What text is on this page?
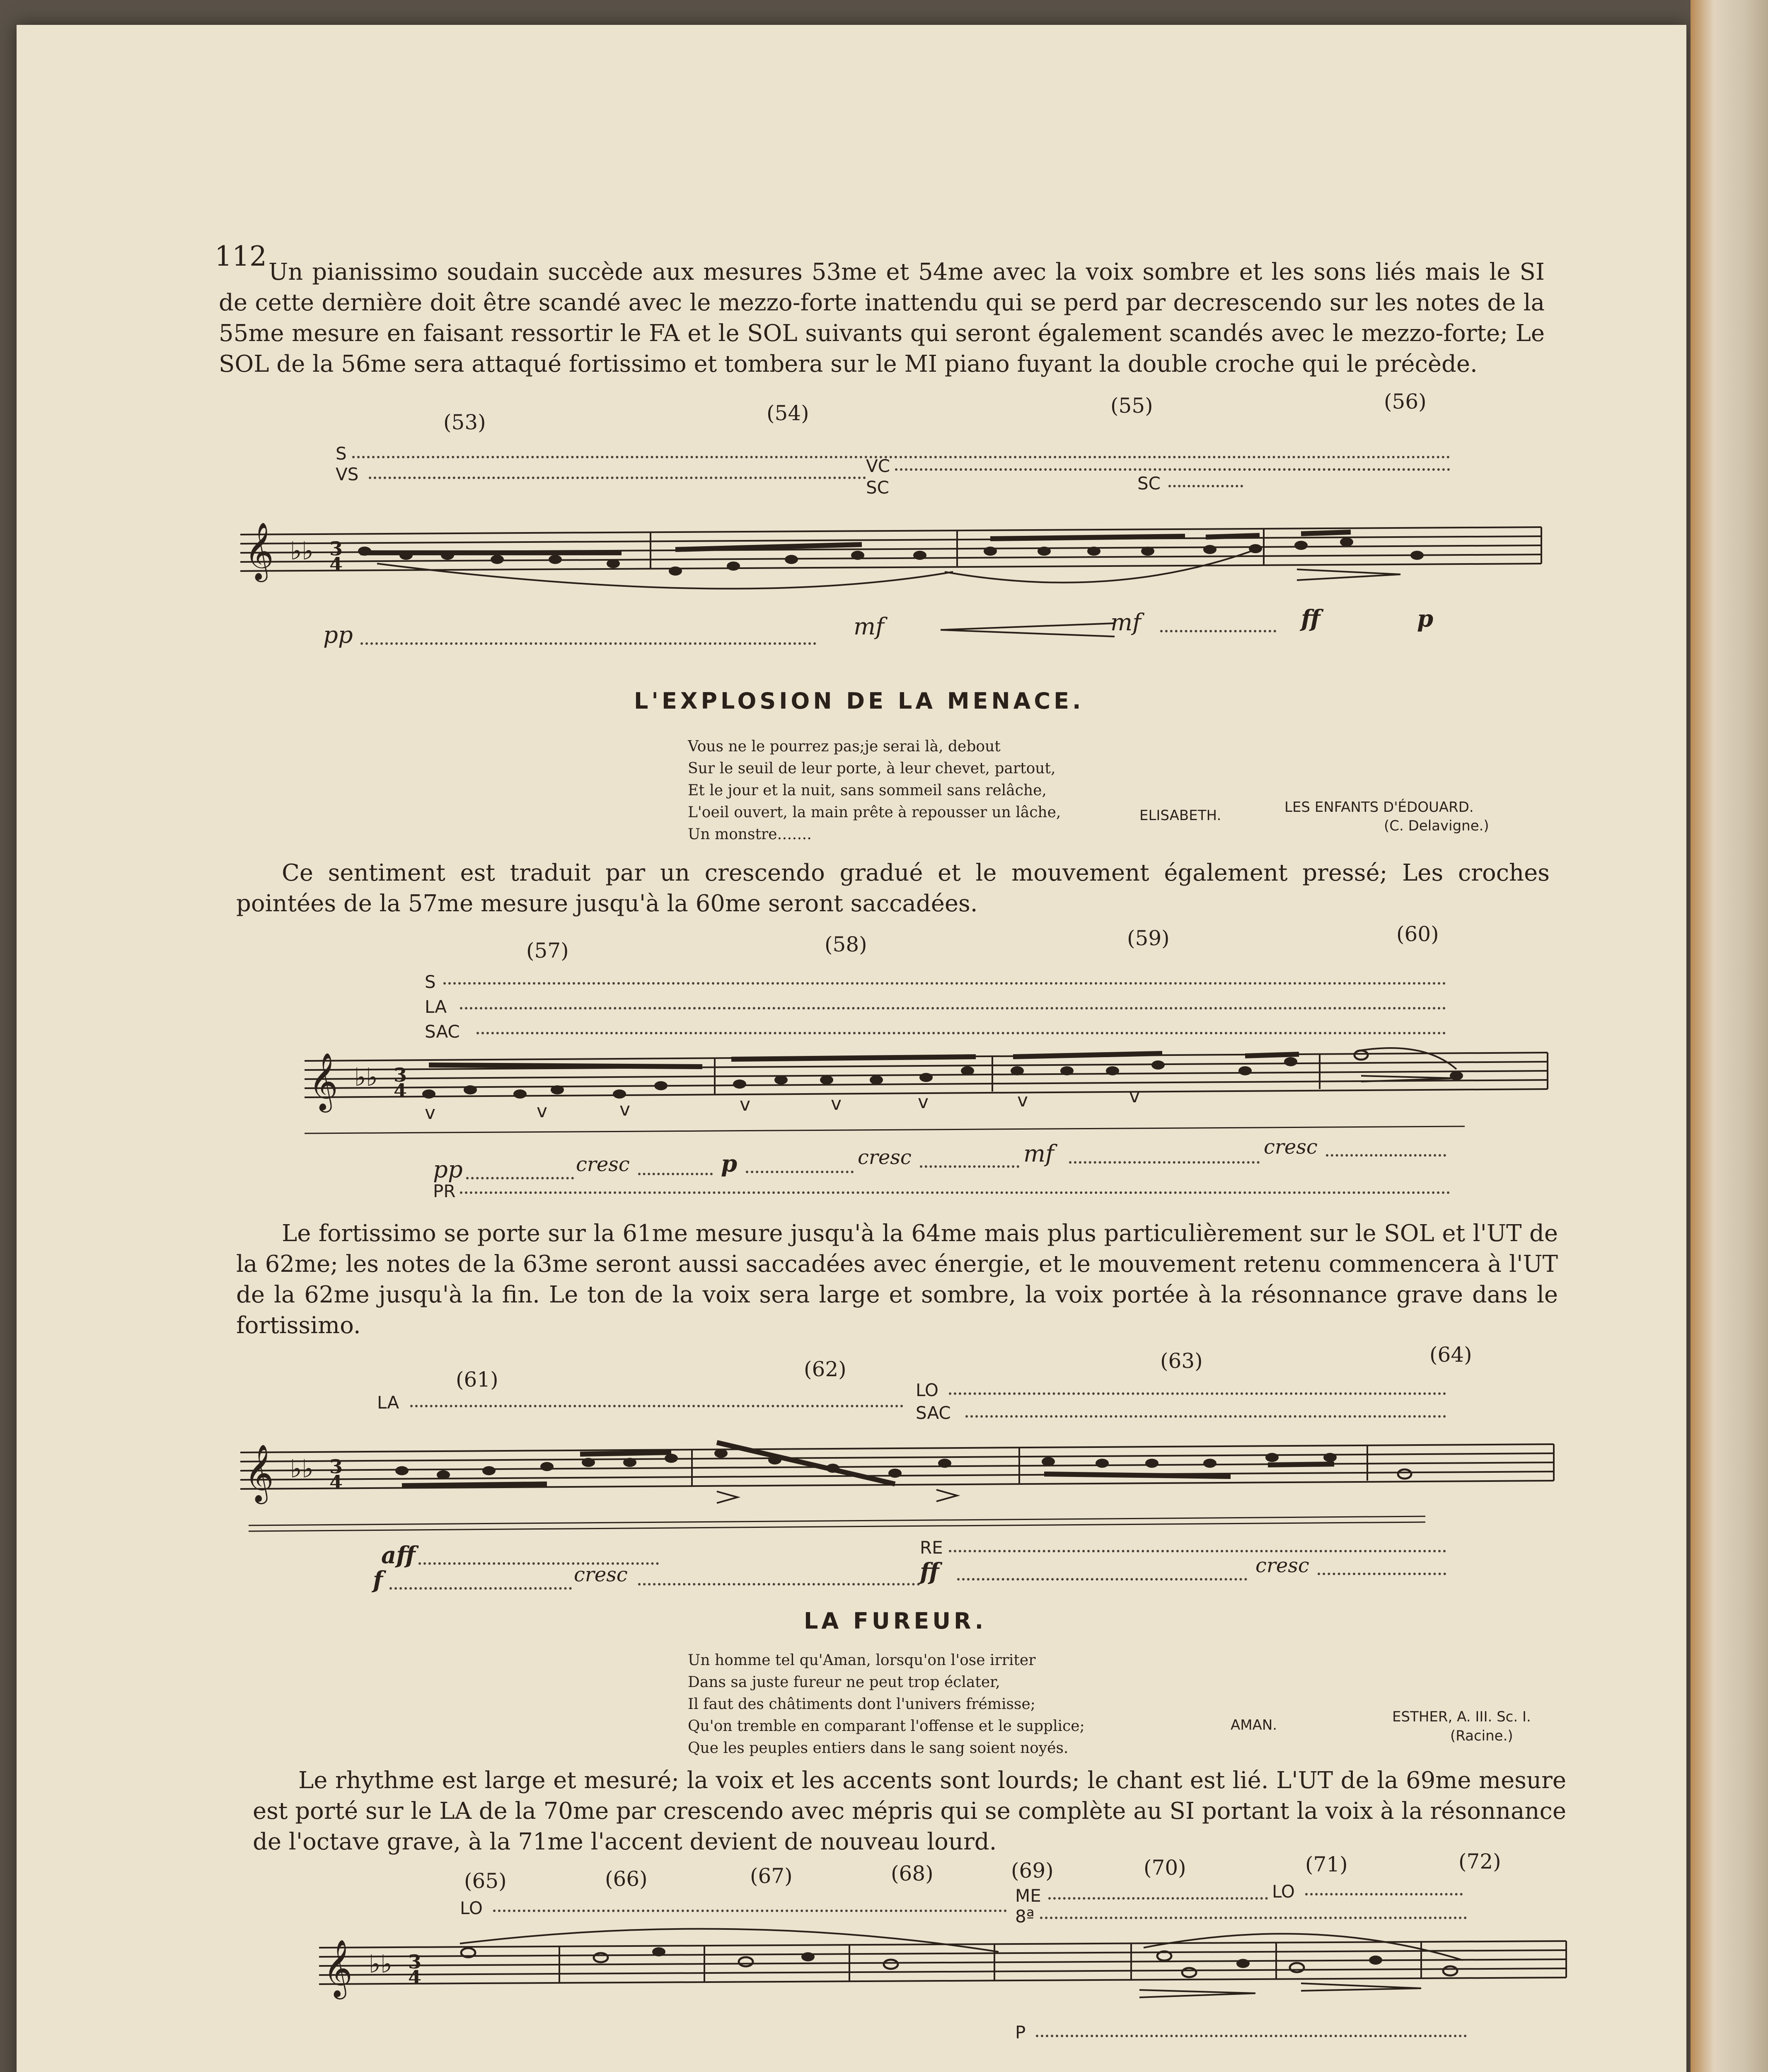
112 Un pianissimo soudain succède aux mesures 53me et 54me avec la voix sombre et les sons liés mais le SI de cette dernière doit être scandé avec le mezzo-forte inattendu qui se perd par decrescendo sur les notes de la 55me mesure en faisant ressortir le FA et le SOL suivants qui seront également scandés avec le mezzo-forte; Le SOL de la 56me sera attaqué fortissimo et tombera sur le MI piano fuyant la double croche qui le précède.
(53)	(54)	(55)	(56)
S
VS	VC
SC	SC
𝄞 ♭♭ 3
4
pp	mf	mf	ff	p
L'EXPLOSION DE LA MENACE.
Vous ne le pourrez pas;je serai là, debout
Sur le seuil de leur porte, à leur chevet, partout,
Et le jour et la nuit, sans sommeil sans relâche,
L'oeil ouvert, la main prête à repousser un lâche,
Un monstre…….
ELISABETH.	LES ENFANTS D'ÉDOUARD.
(C. Delavigne.)
Ce sentiment est traduit par un crescendo gradué et le mouvement également pressé; Les croches pointées de la 57me mesure jusqu'à la 60me seront saccadées.
(57)	(58)	(59)	(60)
S
LA
SAC
𝄞 ♭♭ 3
4
v	v	v	v	v	v	v	v
pp	cresc	p	cresc	mf	cresc
PR
Le fortissimo se porte sur la 61me mesure jusqu'à la 64me mais plus particulièrement sur le SOL et l'UT de la 62me; les notes de la 63me seront aussi saccadées avec énergie, et le mouvement retenu commencera à l'UT de la 62me jusqu'à la fin. Le ton de la voix sera large et sombre, la voix portée à la résonnance grave dans le fortissimo.
(61)	(62)	(63)	(64)
LA
LO
SAC
𝄞 ♭♭ 3
4
aff
f	cresc
RE
ff	cresc
LA FUREUR.
Un homme tel qu'Aman, lorsqu'on l'ose irriter
Dans sa juste fureur ne peut trop éclater,
Il faut des châtiments dont l'univers frémisse;
Qu'on tremble en comparant l'offense et le supplice;
Que les peuples entiers dans le sang soient noyés.
AMAN.	ESTHER, A. III. Sc. I.
(Racine.)
Le rhythme est large et mesuré; la voix et les accents sont lourds; le chant est lié. L'UT de la 69me mesure est porté sur le LA de la 70me par crescendo avec mépris qui se complète au SI portant la voix à la résonnance de l'octave grave, à la 71me l'accent devient de nouveau lourd.
(65)	(66)	(67)	(68)	(69)	(70)	(71)	(72)
LO
ME	LO
8ª
𝄞 ♭♭ 3
4
P
